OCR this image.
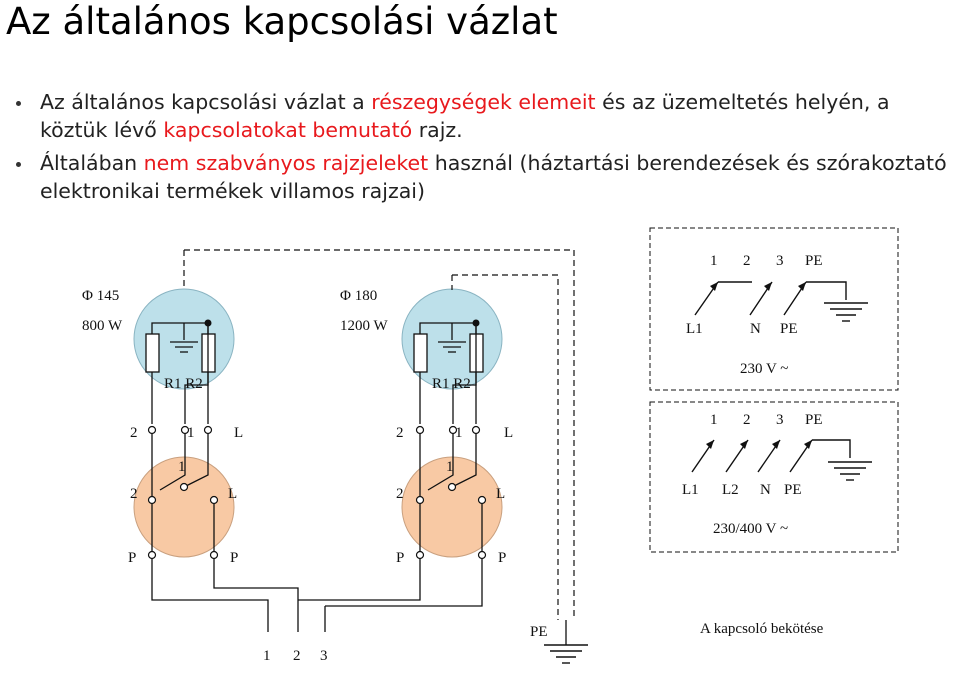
Az általános kapcsolási vázlat
Az általános kapcsolási vázlat a részegységek elemeit és az üzemeltetés helyén, a köztük lévő kapcsolatokat bemutató rajz.
Általában nem szabványos rajzjeleket használ (háztartási berendezések és szórakoztató elektronikai termékek villamos rajzai)
Φ 145
800 W
R1 R2
Φ 180
1200 W
R1 R2
PE
2	1	L
1
2	L
P	P
2	1	L
1
2	L
P	P
1 2 3
1 2 3 PE
L1	N PE
230 V ~
1 2 3 PE
L1 L2 N PE
230/400 V ~
A kapcsoló bekötése
